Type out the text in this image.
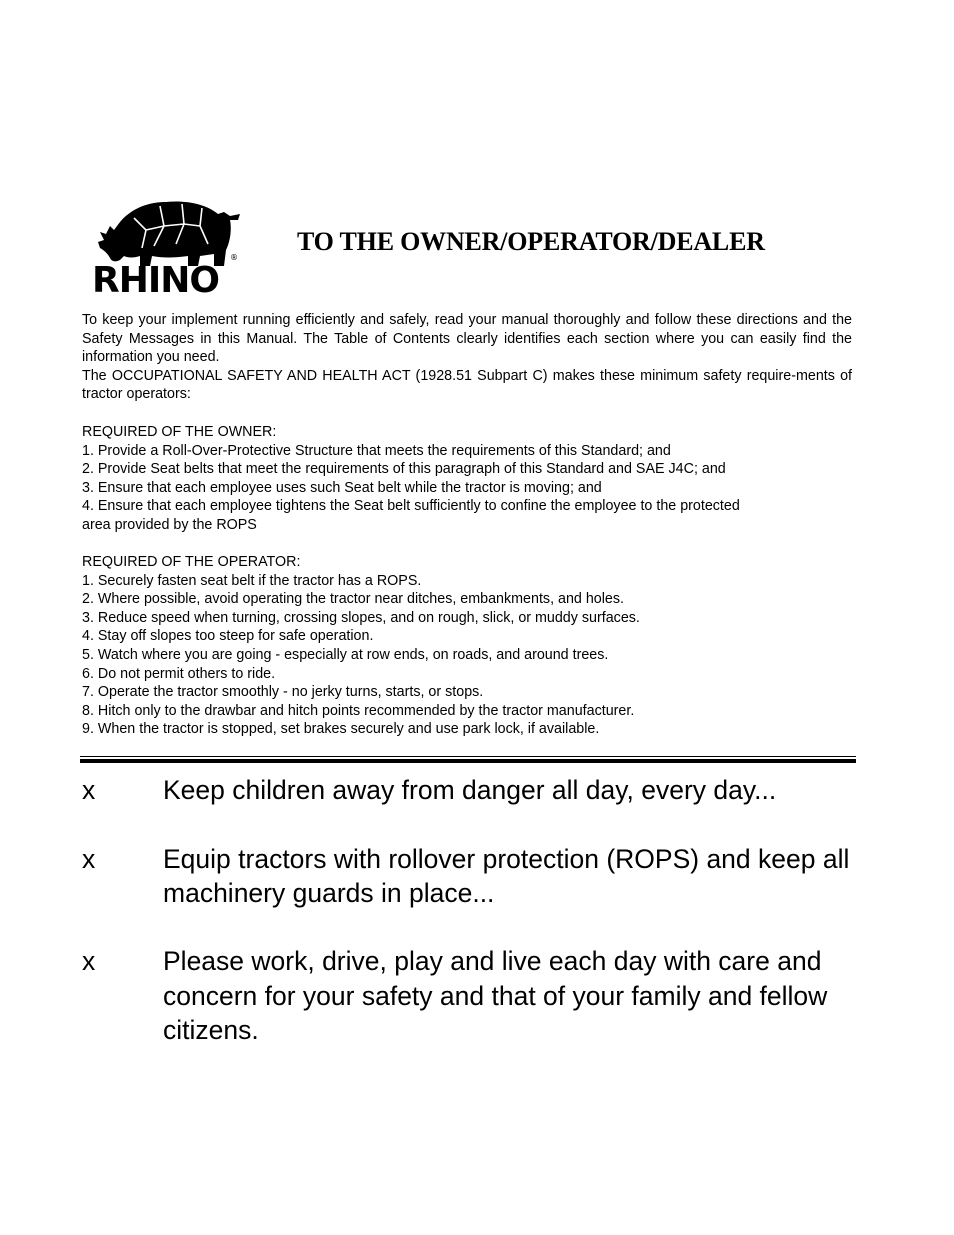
RHINO
®
TO THE OWNER/OPERATOR/DEALER

To keep your implement running efficiently and safely, read your manual thoroughly and follow these directions and the Safety Messages in this Manual. The Table of Contents clearly identifies each section where you can easily find the information you need.

The OCCUPATIONAL SAFETY AND HEALTH ACT (1928.51 Subpart C) makes these minimum safety require-ments of tractor operators:

REQUIRED OF THE OWNER:

1. Provide a Roll-Over-Protective Structure that meets the requirements of this Standard; and
2. Provide Seat belts that meet the requirements of this paragraph of this Standard and SAE J4C; and
3. Ensure that each employee uses such Seat belt while the tractor is moving; and
4. Ensure that each employee tightens the Seat belt sufficiently to confine the employee to the protected
area provided by the ROPS

REQUIRED OF THE OPERATOR:

1. Securely fasten seat belt if the tractor has a ROPS.
2. Where possible, avoid operating the tractor near ditches, embankments, and holes.
3. Reduce speed when turning, crossing slopes, and on rough, slick, or muddy surfaces.
4. Stay off slopes too steep for safe operation.
5. Watch where you are going - especially at row ends, on roads, and around trees.
6. Do not permit others to ride.
7. Operate the tractor smoothly - no jerky turns, starts, or stops.
8. Hitch only to the drawbar and hitch points recommended by the tractor manufacturer.
9. When the tractor is stopped, set brakes securely and use park lock, if available.
x	Keep children away from danger all day, every day...
x	Equip tractors with rollover protection (ROPS) and keep all machinery guards in place...
x	Please work, drive, play and live each day with care and concern for your safety and that of your family and fellow citizens.
